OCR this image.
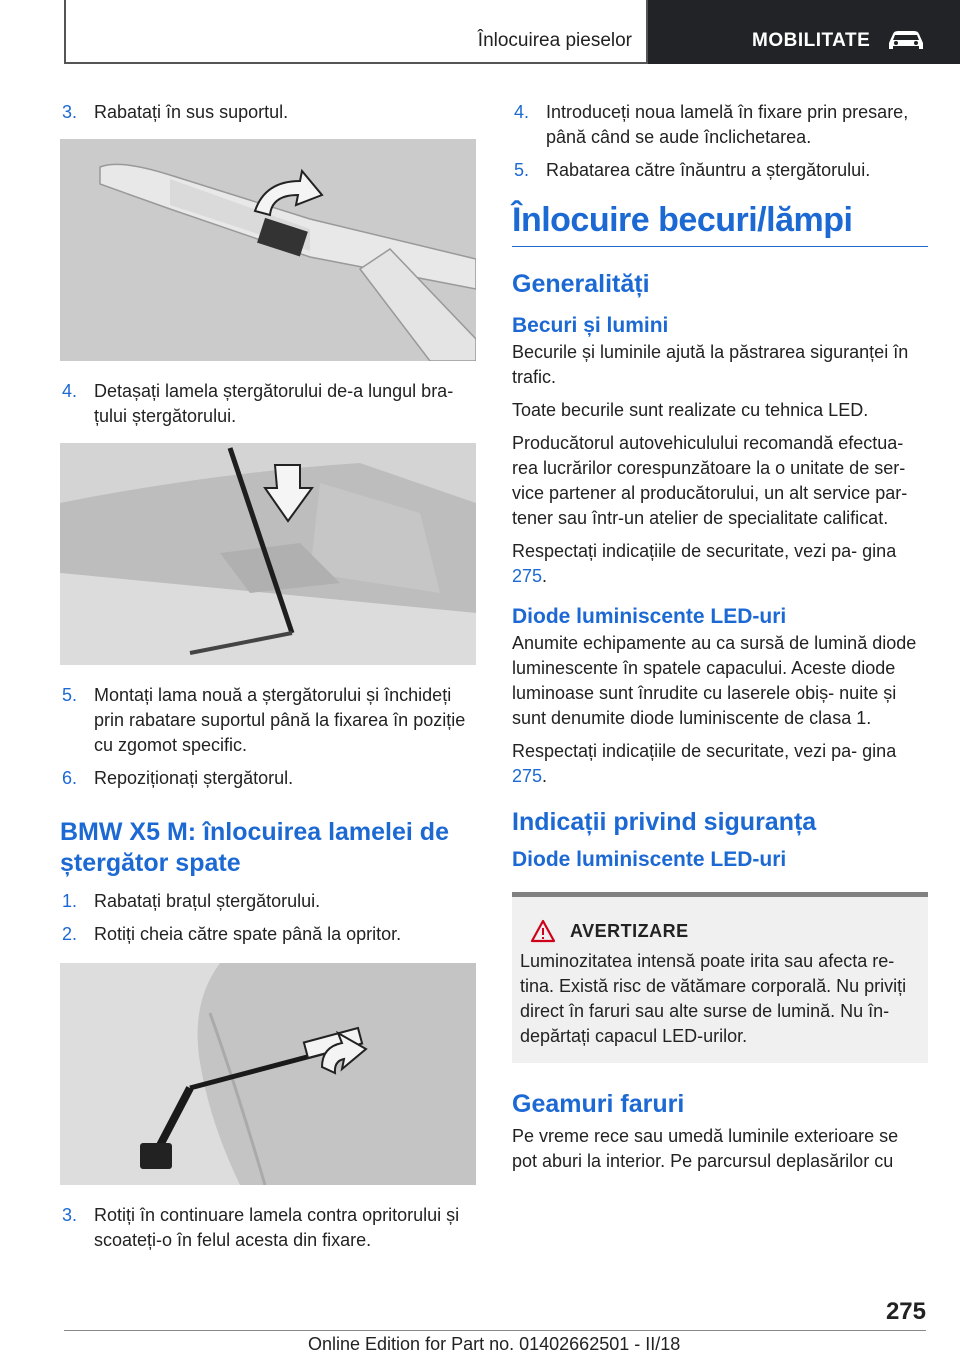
Înlocuirea pieselor	MOBILITATE
3. Rabatați în sus suportul.
4. Detașați lamela ștergătorului de-a lungul bra- țului ștergătorului.
5. Montați lama nouă a ștergătorului și închideți prin rabatare suportul până la fixarea în poziție cu zgomot specific.
6. Repoziționați ștergătorul.
BMW X5 M: înlocuirea lamelei de ștergător spate
1. Rabatați brațul ștergătorului.
2. Rotiți cheia către spate până la opritor.
3. Rotiți în continuare lamela contra opritorului și scoateți-o în felul acesta din fixare.
4. Introduceți noua lamelă în fixare prin presare, până când se aude înclichetarea.
5. Rabatarea către înăuntru a ștergătorului.
Înlocuire becuri/lămpi
Generalități
Becuri și lumini

Becurile și luminile ajută la păstrarea siguranței în trafic.

Toate becurile sunt realizate cu tehnica LED.

Producătorul autovehiculului recomandă efectua- rea lucrărilor corespunzătoare la o unitate de ser- vice partener al producătorului, un alt service par- tener sau într-un atelier de specialitate calificat.

Respectați indicațiile de securitate, vezi pa- gina 275.

Diode luminiscente LED-uri

Anumite echipamente au ca sursă de lumină diode luminescente în spatele capacului. Aceste diode luminoase sunt înrudite cu laserele obiș- nuite și sunt denumite diode luminiscente de clasa 1.

Respectați indicațiile de securitate, vezi pa- gina 275.

Indicații privind siguranța
Diode luminiscente LED-uri
AVERTIZARE
Luminozitatea intensă poate irita sau afecta re- tina. Există risc de vătămare corporală. Nu priviți direct în faruri sau alte surse de lumină. Nu în- depărtați capacul LED-urilor.
Geamuri faruri

Pe vreme rece sau umedă luminile exterioare se pot aburi la interior. Pe parcursul deplasărilor cu

275
Online Edition for Part no. 01402662501 - II/18
